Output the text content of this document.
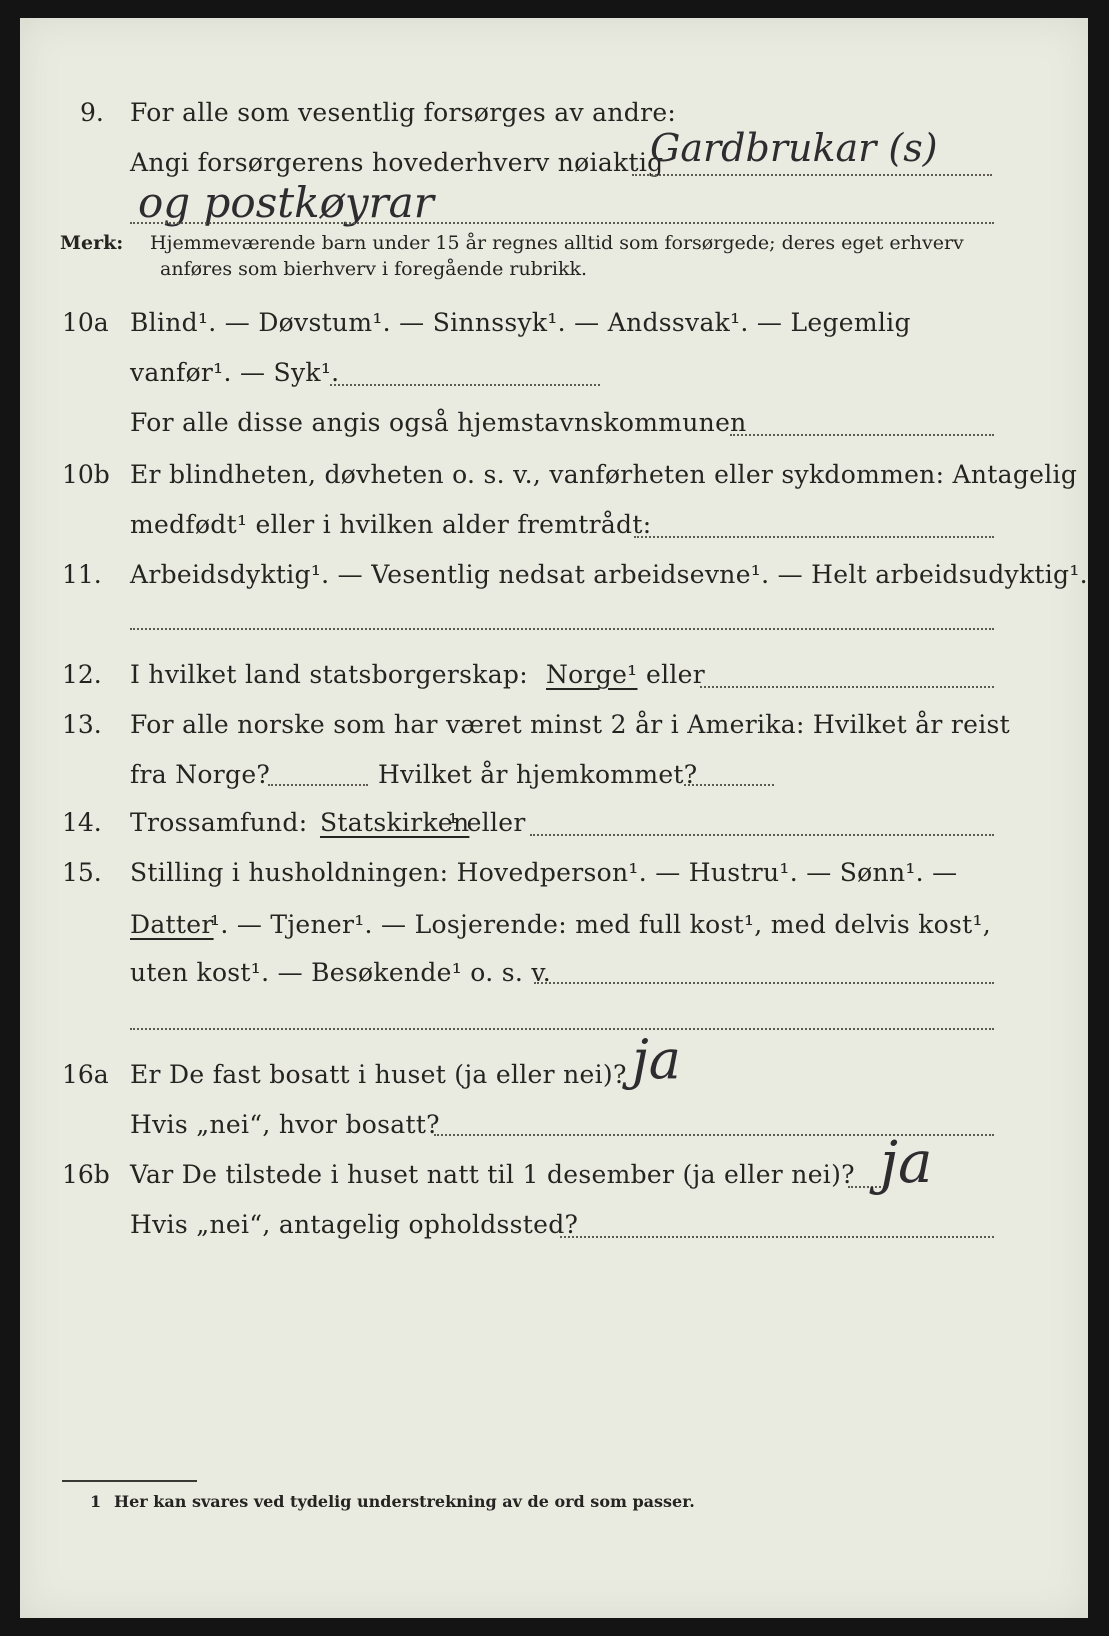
9. For alle som vesentlig forsørges av andre:
Angi forsørgerens hovederhverv nøiaktig
Gardbrukar (s)
og postkøyrar
Merk: Hjemmeværende barn under 15 år regnes alltid som forsørgede; deres eget erhverv
anføres som bierhverv i foregående rubrikk.
10a Blind¹. — Døvstum¹. — Sinnssyk¹. — Andssvak¹. — Legemlig
vanfør¹. — Syk¹.
For alle disse angis også hjemstavnskommunen
10b Er blindheten, døvheten o. s. v., vanførheten eller sykdommen: Antagelig
medfødt¹ eller i hvilken alder fremtrådt:
11. Arbeidsdyktig¹. — Vesentlig nedsat arbeidsevne¹. — Helt arbeidsudyktig¹.
12. I hvilket land statsborgerskap: Norge¹ eller
13. For alle norske som har været minst 2 år i Amerika: Hvilket år reist
fra Norge?	Hvilket år hjemkommet?
14. Trossamfund: Statskirken
¹ eller
15. Stilling i husholdningen: Hovedperson¹. — Hustru¹. — Sønn¹. —
Datter
¹. — Tjener¹. — Losjerende: med full kost¹, med delvis kost¹,
uten kost¹. — Besøkende¹ o. s. v.
16a Er De fast bosatt i huset (ja eller nei)? ja
Hvis „nei“, hvor bosatt?
16b Var De tilstede i huset natt til 1 desember (ja eller nei)? ja
Hvis „nei“, antagelig opholdssted?
1 Her kan svares ved tydelig understrekning av de ord som passer.
